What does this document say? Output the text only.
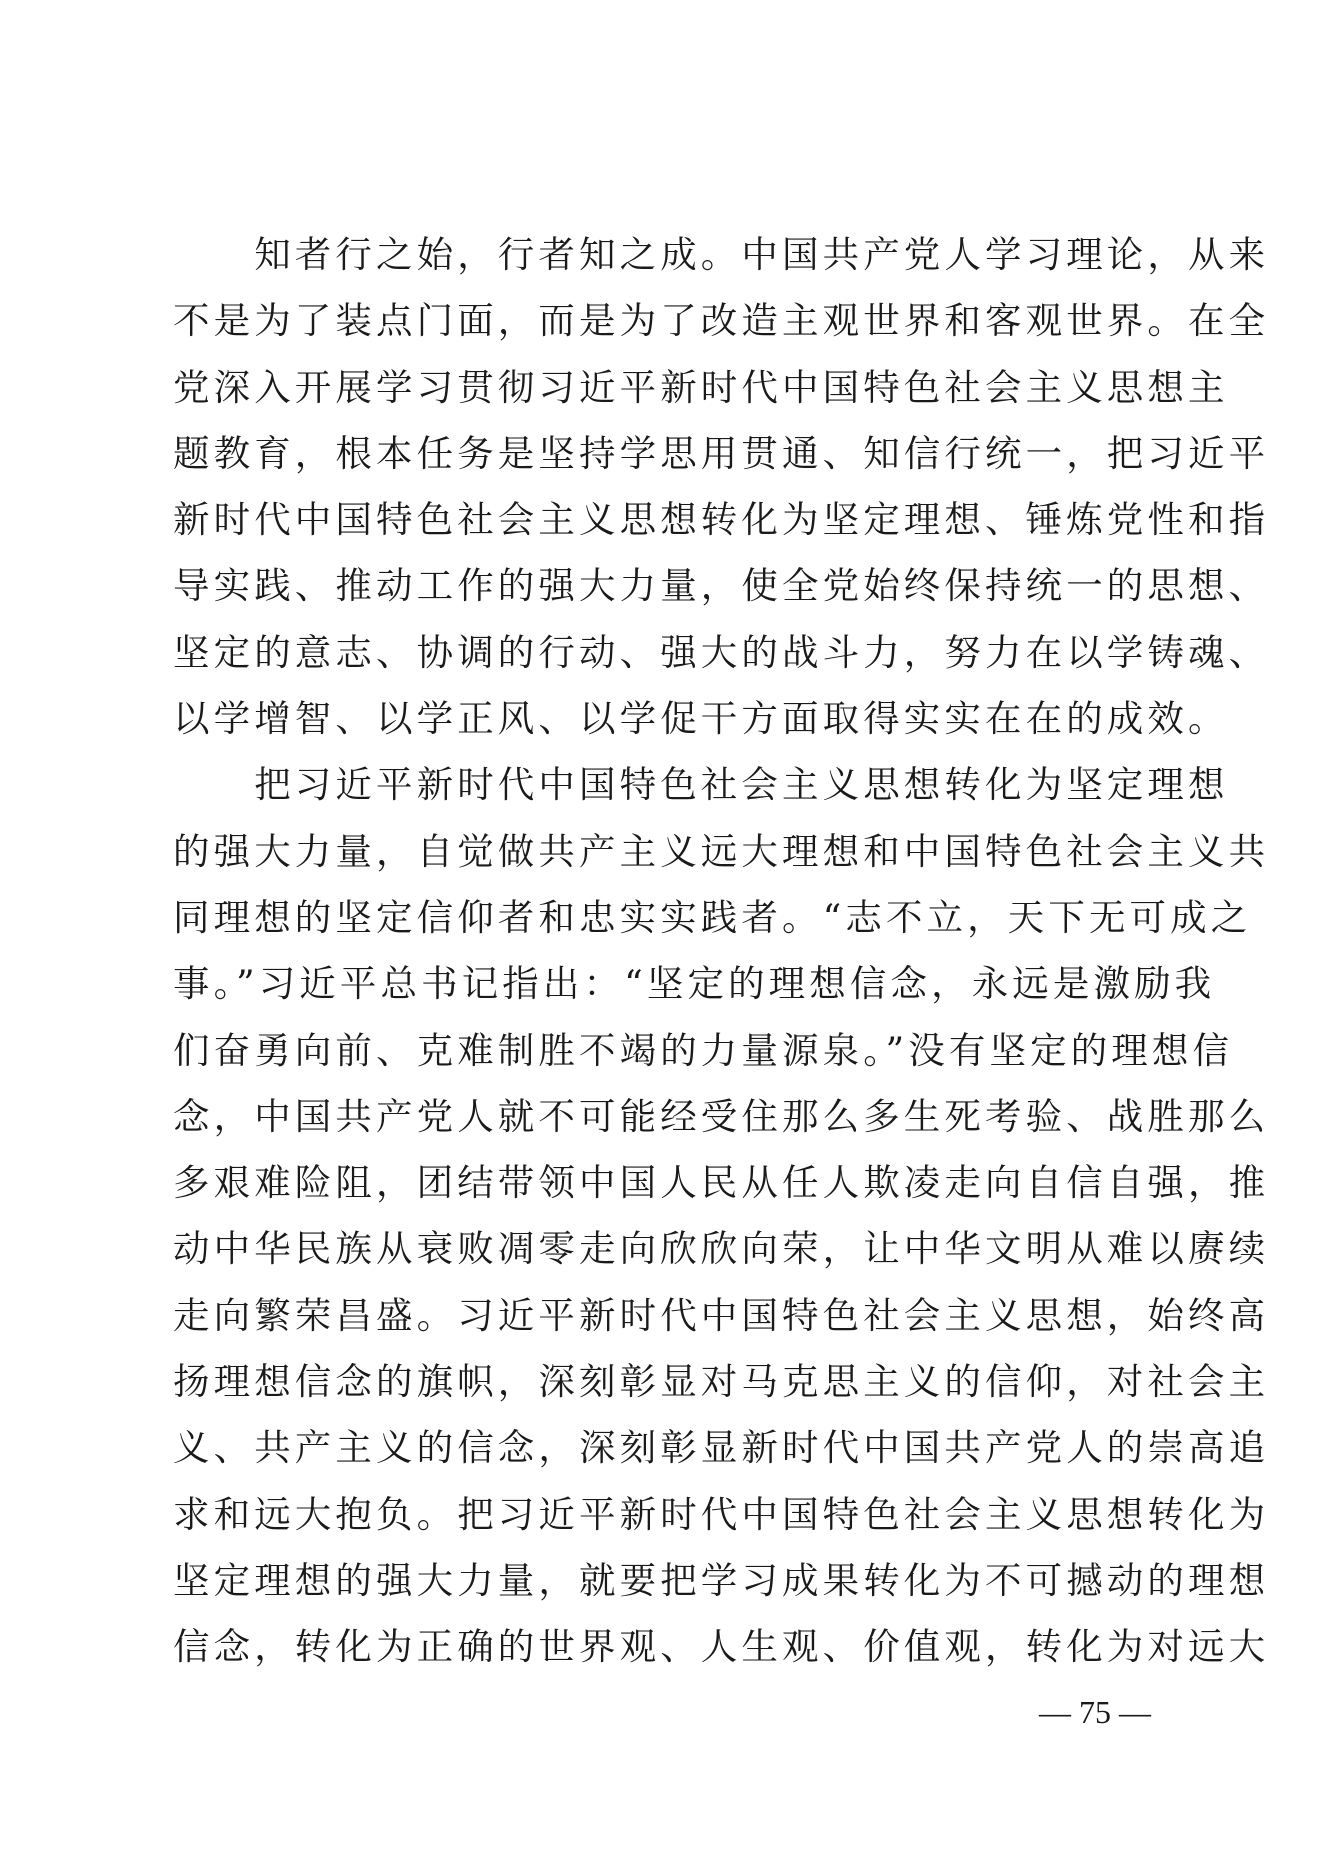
　　知者行之始，行者知之成。中国共产党人学习理论，从来
不是为了装点门面，而是为了改造主观世界和客观世界。在全
党深入开展学习贯彻习近平新时代中国特色社会主义思想主
题教育，根本任务是坚持学思用贯通、知信行统一，把习近平
新时代中国特色社会主义思想转化为坚定理想、锤炼党性和指
导实践、推动工作的强大力量，使全党始终保持统一的思想、
坚定的意志、协调的行动、强大的战斗力，努力在以学铸魂、
以学增智、以学正风、以学促干方面取得实实在在的成效。
　　把习近平新时代中国特色社会主义思想转化为坚定理想
的强大力量，自觉做共产主义远大理想和中国特色社会主义共
同理想的坚定信仰者和忠实实践者。“志不立，天下无可成之
事。”习近平总书记指出：“坚定的理想信念，永远是激励我
们奋勇向前、克难制胜不竭的力量源泉。”没有坚定的理想信
念，中国共产党人就不可能经受住那么多生死考验、战胜那么
多艰难险阻，团结带领中国人民从任人欺凌走向自信自强，推
动中华民族从衰败凋零走向欣欣向荣，让中华文明从难以赓续
走向繁荣昌盛。习近平新时代中国特色社会主义思想，始终高
扬理想信念的旗帜，深刻彰显对马克思主义的信仰，对社会主
义、共产主义的信念，深刻彰显新时代中国共产党人的崇高追
求和远大抱负。把习近平新时代中国特色社会主义思想转化为
坚定理想的强大力量，就要把学习成果转化为不可撼动的理想
信念，转化为正确的世界观、人生观、价值观，转化为对远大
— 75 —
